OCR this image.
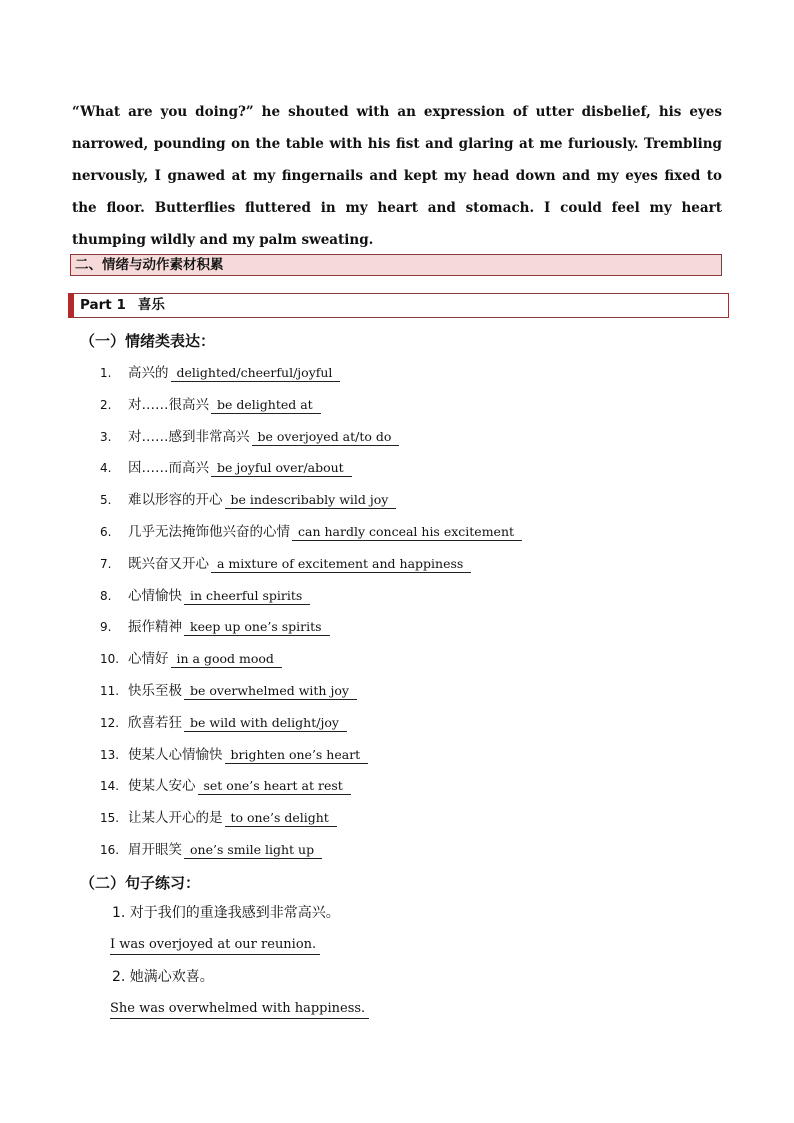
“What are you doing?” he shouted with an expression of utter disbelief, his eyes narrowed, pounding on the table with his fist and glaring at me furiously. Trembling nervously, I gnawed at my fingernails and kept my head down and my eyes fixed to the floor. Butterflies fluttered in my heart and stomach. I could feel my heart thumping wildly and my palm sweating.

二、情绪与动作素材积累
Part 1 喜乐
（一）情绪类表达：
1.	高兴的 delighted/cheerful/joyful
2.	对……很高兴 be delighted at
3.	对……感到非常高兴 be overjoyed at/to do
4.	因……而高兴 be joyful over/about
5.	难以形容的开心 be indescribably wild joy
6.	几乎无法掩饰他兴奋的心情 can hardly conceal his excitement
7.	既兴奋又开心 a mixture of excitement and happiness
8.	心情愉快 in cheerful spirits
9.	振作精神 keep up one’s spirits
10. 心情好 in a good mood
11. 快乐至极 be overwhelmed with joy
12. 欣喜若狂 be wild with delight/joy
13. 使某人心情愉快 brighten one’s heart
14. 使某人安心 set one’s heart at rest
15. 让某人开心的是 to one’s delight
16. 眉开眼笑 one’s smile light up
（二）句子练习：
1. 对于我们的重逢我感到非常高兴。
I was overjoyed at our reunion.
2. 她满心欢喜。
She was overwhelmed with happiness.
